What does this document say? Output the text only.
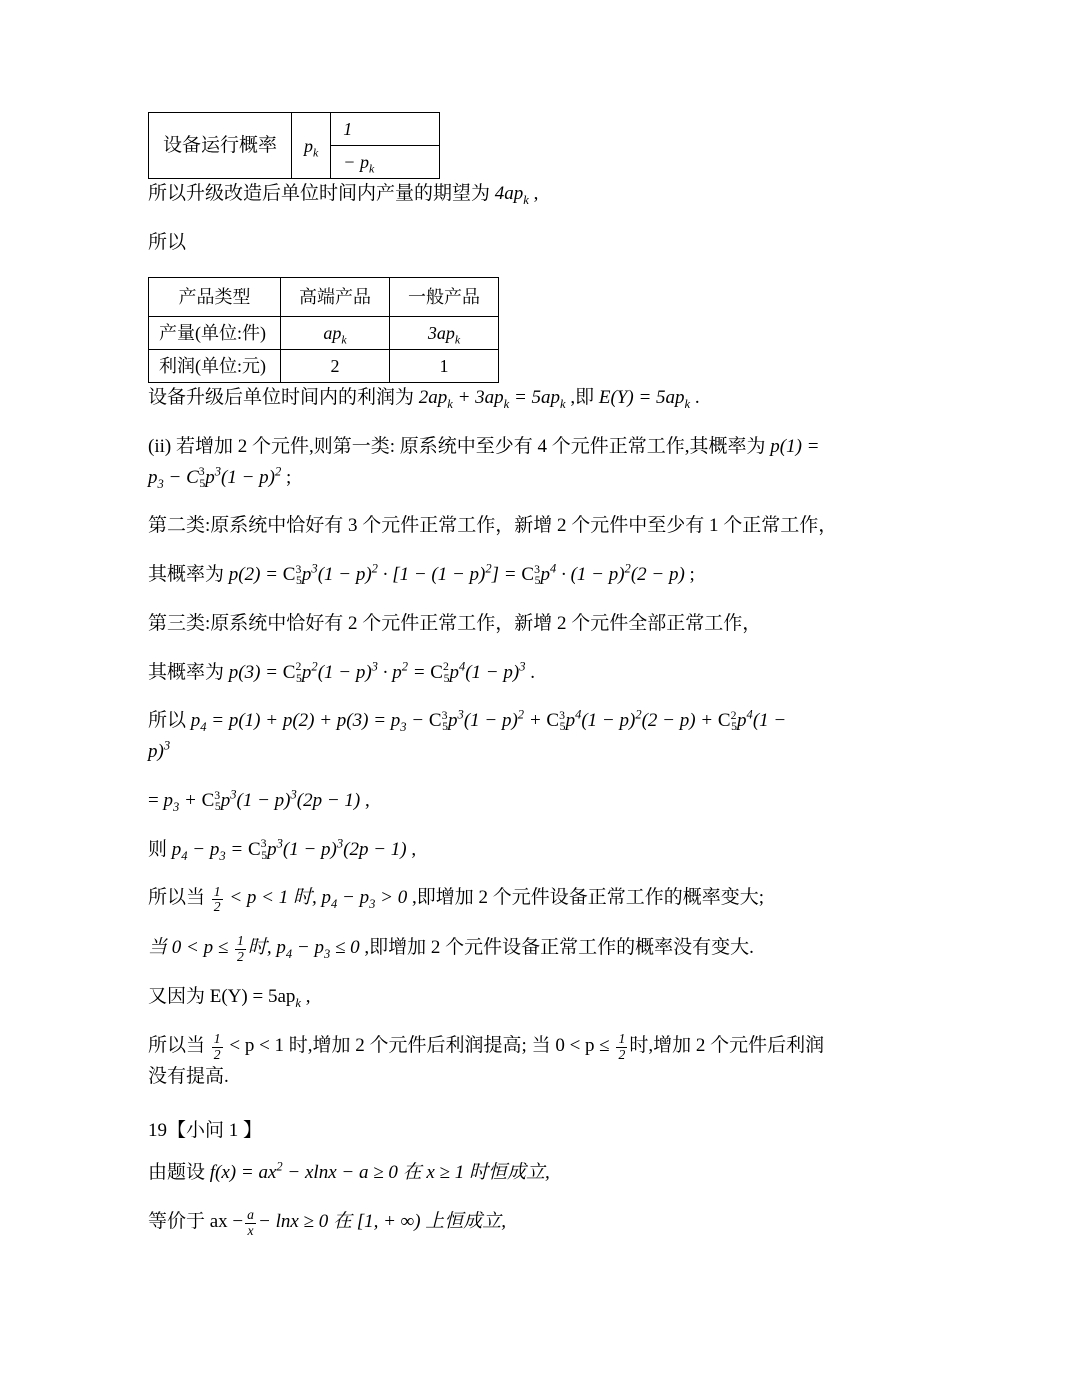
设备运行概率	$p_k$	1
− $p_k$

所以升级改造后单位时间内产量的期望为 $4ap_k$ ,

所以

产品类型	高端产品	一般产品
产量(单位:件)	$ap_k$	$3ap_k$
利润(单位:元)	2	1

设备升级后单位时间内的利润为 $2ap_k + 3ap_k = 5ap_k$ ,即 $E(Y) = 5ap_k$ .

(ii) 若增加 2 个元件,则第一类: 原系统中至少有 4 个元件正常工作,其概率为 p(1) =
$p_3 - C^3_5p^3(1 - p)^2$ ;

第二类:原系统中恰好有 3 个元件正常工作，新增 2 个元件中至少有 1 个正常工作，

其概率为 $p(2) = C^3_5p^3(1 - p)^2 \cdot [1 - (1 - p)^2] = C^3_5p^4 \cdot (1 - p)^2(2 - p)$ ;

第三类:原系统中恰好有 2 个元件正常工作，新增 2 个元件全部正常工作，

其概率为 $p(3) = C^2_5p^2(1 - p)^3 \cdot p^2 = C^2_5p^4(1 - p)^3$ .

所以 $p_4 = p(1) + p(2) + p(3) = p_3 - C^3_5p^3(1 - p)^2 + C^3_5p^4(1 - p)^2(2 - p) + C^2_5p^4(1$ −
p)$^3$

= $p_3 + C^3_5p^3(1 - p)^3(2p - 1)$ ,

则 $p_4 - p_3 = C^3_5p^3(1 - p)^3(2p - 1)$ ,

所以当 $\frac{1}{2} < p < 1$ 时, $p_4 - p_3 > 0$ ,即增加 2 个元件设备正常工作的概率变大;

当 $0 < p \le \frac{1}{2}$ 时, $p_4 - p_3 \le 0$ ,即增加 2 个元件设备正常工作的概率没有变大.

又因为 $E(Y) = 5ap_k$ ,

所以当 $\frac{1}{2} < p < 1$ 时,增加 2 个元件后利润提高; 当 $0 < p \le \frac{1}{2}$ 时,增加 2 个元件后利润
没有提高.

19【小问 1 】

由题设 $f(x) = ax^2 - xlnx - a \ge 0$ 在 x ≥ 1 时恒成立,

等价于 ax − $\frac{a}{x} - \ln x \ge 0$ 在 [1, + ∞) 上恒成立,
